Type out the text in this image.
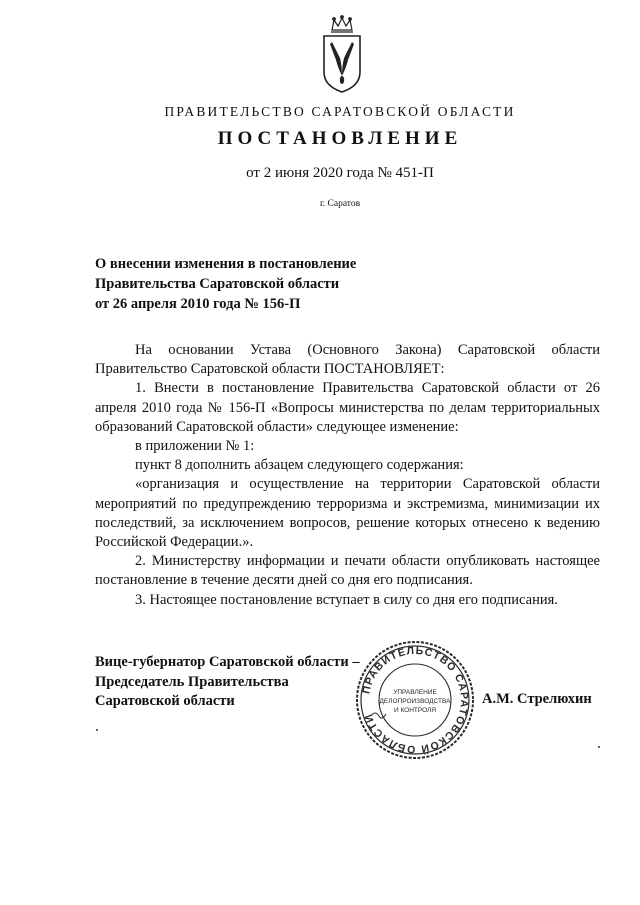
ПРАВИТЕЛЬСТВО САРАТОВСКОЙ ОБЛАСТИ
ПОСТАНОВЛЕНИЕ
от 2 июня 2020 года № 451-П
г. Саратов
О внесении изменения в постановление
Правительства Саратовской области
от 26 апреля 2010 года № 156-П

На основании Устава (Основного Закона) Саратовской области Правительство Саратовской области ПОСТАНОВЛЯЕТ:

1. Внести в постановление Правительства Саратовской области от 26 апреля 2010 года № 156-П «Вопросы министерства по делам территориальных образований Саратовской области» следующее изменение:

в приложении № 1:

пункт 8 дополнить абзацем следующего содержания:

«организация и осуществление на территории Саратовской области мероприятий по предупреждению терроризма и экстремизма, минимизации их последствий, за исключением вопросов, решение которых отнесено к ведению Российской Федерации.».

2. Министерству информации и печати области опубликовать настоящее постановление в течение десяти дней со дня его подписания.

3. Настоящее постановление вступает в силу со дня его подписания.

Вице-губернатор Саратовской области –
Председатель Правительства
Саратовской области
ПРАВИТЕЛЬСТВО САРАТОВСКОЙ ОБЛАСТИ
УПРАВЛЕНИЕ
ДЕЛОПРОИЗВОДСТВА
И КОНТРОЛЯ
А.М. Стрелюхин
